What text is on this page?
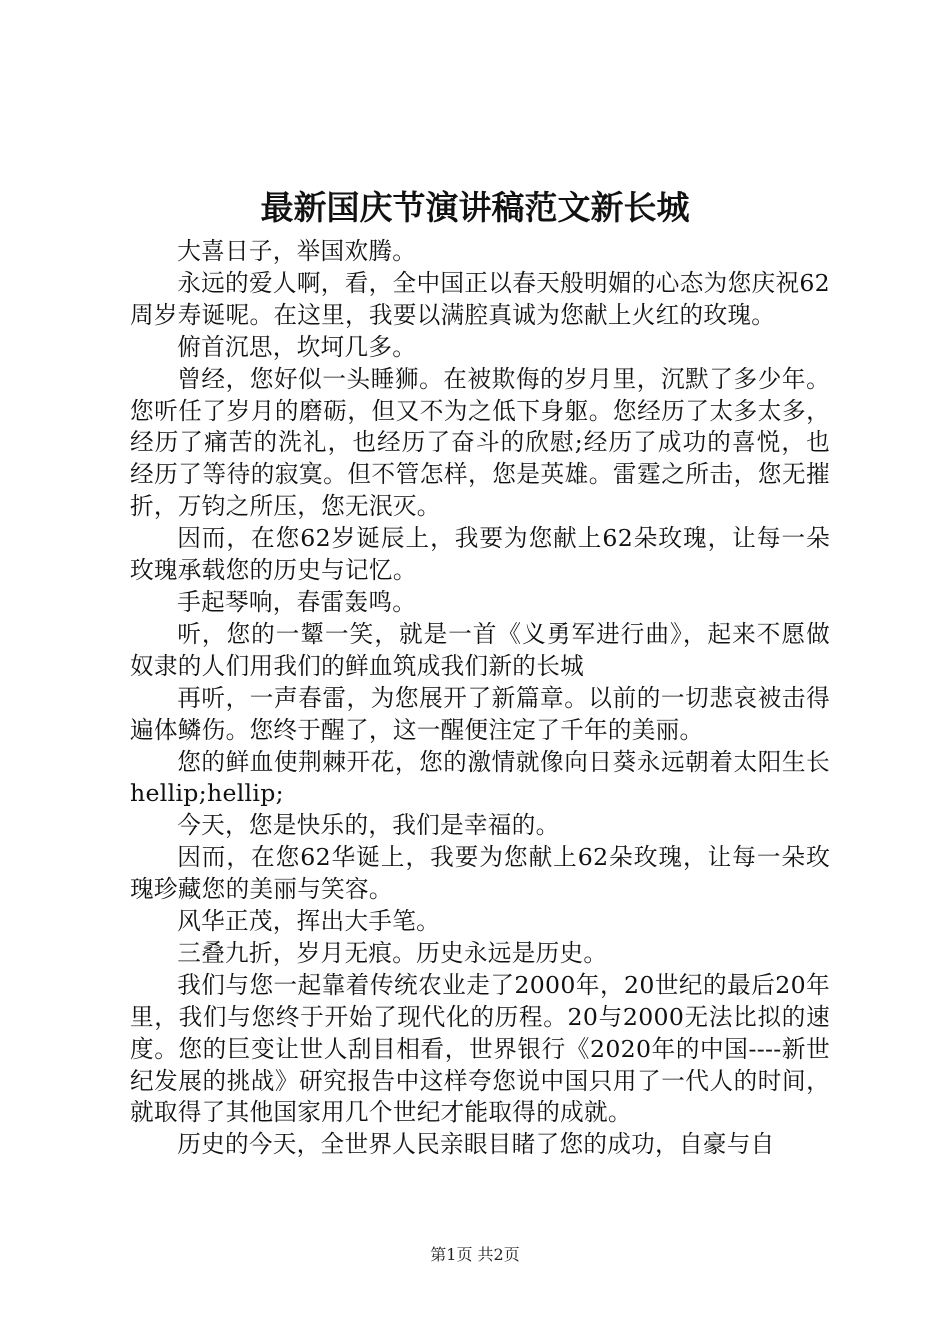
最新国庆节演讲稿范文新长城

大喜日子，举国欢腾。

永远的爱人啊，看，全中国正以春天般明媚的心态为您庆祝62周岁寿诞呢。在这里，我要以满腔真诚为您献上火红的玫瑰。

俯首沉思，坎坷几多。

曾经，您好似一头睡狮。在被欺侮的岁月里，沉默了多少年。您听任了岁月的磨砺，但又不为之低下身躯。您经历了太多太多，经历了痛苦的洗礼，也经历了奋斗的欣慰;经历了成功的喜悦，也经历了等待的寂寞。但不管怎样，您是英雄。雷霆之所击，您无摧折，万钧之所压，您无泯灭。

因而，在您62岁诞辰上，我要为您献上62朵玫瑰，让每一朵玫瑰承载您的历史与记忆。

手起琴响，春雷轰鸣。

听，您的一颦一笑，就是一首《义勇军进行曲》，起来不愿做奴隶的人们用我们的鲜血筑成我们新的长城

再听，一声春雷，为您展开了新篇章。以前的一切悲哀被击得遍体鳞伤。您终于醒了，这一醒便注定了千年的美丽。

您的鲜血使荆棘开花，您的激情就像向日葵永远朝着太阳生长hellip;hellip;

今天，您是快乐的，我们是幸福的。

因而，在您62华诞上，我要为您献上62朵玫瑰，让每一朵玫瑰珍藏您的美丽与笑容。

风华正茂，挥出大手笔。

三叠九折，岁月无痕。历史永远是历史。

我们与您一起靠着传统农业走了2000年，20世纪的最后20年里，我们与您终于开始了现代化的历程。20与2000无法比拟的速度。您的巨变让世人刮目相看，世界银行《2020年的中国----新世纪发展的挑战》研究报告中这样夸您说中国只用了一代人的时间，就取得了其他国家用几个世纪才能取得的成就。

历史的今天，全世界人民亲眼目睹了您的成功，自豪与自

第1页 共2页
